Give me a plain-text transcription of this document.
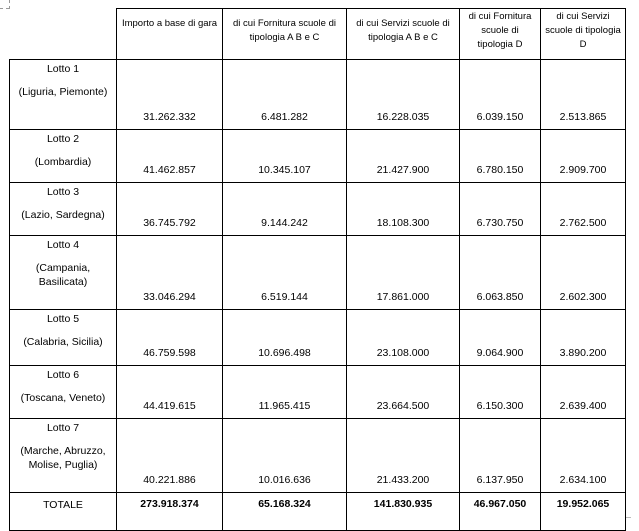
	Importo a base di gara	di cui Fornitura scuole di tipologia A B e C	di cui Servizi scuole di tipologia A B e C	di cui Fornitura scuole di tipologia D	di cui Servizi scuole di tipologia D

Lotto 1
(Liguria, Piemonte)	31.262.332	6.481.282	16.228.035	6.039.150	2.513.865

Lotto 2
(Lombardia)	41.462.857	10.345.107	21.427.900	6.780.150	2.909.700

Lotto 3
(Lazio, Sardegna)	36.745.792	9.144.242	18.108.300	6.730.750	2.762.500

Lotto 4
(Campania, Basilicata)	33.046.294	6.519.144	17.861.000	6.063.850	2.602.300

Lotto 5
(Calabria, Sicilia)	46.759.598	10.696.498	23.108.000	9.064.900	3.890.200

Lotto 6
(Toscana, Veneto)	44.419.615	11.965.415	23.664.500	6.150.300	2.639.400

Lotto 7
(Marche, Abruzzo, Molise, Puglia)	40.221.886	10.016.636	21.433.200	6.137.950	2.634.100
TOTALE	273.918.374	65.168.324	141.830.935	46.967.050	19.952.065
